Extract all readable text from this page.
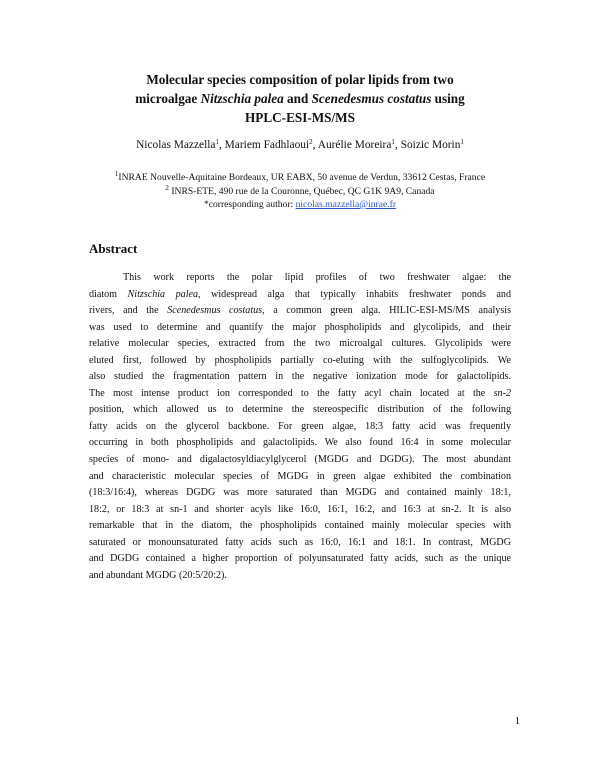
Molecular species composition of polar lipids from two
microalgae Nitzschia palea and Scenedesmus costatus using
HPLC-ESI-MS/MS
Nicolas Mazzella$^1$, Mariem Fadhlaoui$^2$, Aurélie Moreira$^1$, Soizic Morin$^1$
$^1$INRAE Nouvelle-Aquitaine Bordeaux, UR EABX, 50 avenue de Verdun, 33612 Cestas, France
$^2$ INRS-ETE, 490 rue de la Couronne, Québec, QC G1K 9A9, Canada
*corresponding author: nicolas.mazzella@inrae.fr
Abstract
This work reports the polar lipid profiles of two freshwater algae: the
diatom Nitzschia palea, widespread alga that typically inhabits freshwater ponds and
rivers, and the Scenedesmus costatus, a common green alga. HILIC-ESI-MS/MS analysis
was used to determine and quantify the major phospholipids and glycolipids, and their
relative molecular species, extracted from the two microalgal cultures. Glycolipids were
eluted first, followed by phospholipids partially co-eluting with the sulfoglycolipids. We
also studied the fragmentation pattern in the negative ionization mode for galactolipids.
The most intense product ion corresponded to the fatty acyl chain located at the sn-2
position, which allowed us to determine the stereospecific distribution of the following
fatty acids on the glycerol backbone. For green algae, 18:3 fatty acid was frequently
occurring in both phospholipids and galactolipids. We also found 16:4 in some molecular
species of mono- and digalactosyldiacylglycerol (MGDG and DGDG). The most abundant
and characteristic molecular species of MGDG in green algae exhibited the combination
(18:3/16:4), whereas DGDG was more saturated than MGDG and contained mainly 18:1,
18:2, or 18:3 at sn-1 and shorter acyls like 16:0, 16:1, 16:2, and 16:3 at sn-2. It is also
remarkable that in the diatom, the phospholipids contained mainly molecular species with
saturated or monounsaturated fatty acids such as 16:0, 16:1 and 18:1. In contrast, MGDG
and DGDG contained a higher proportion of polyunsaturated fatty acids, such as the unique
and abundant MGDG (20:5/20:2).
1
